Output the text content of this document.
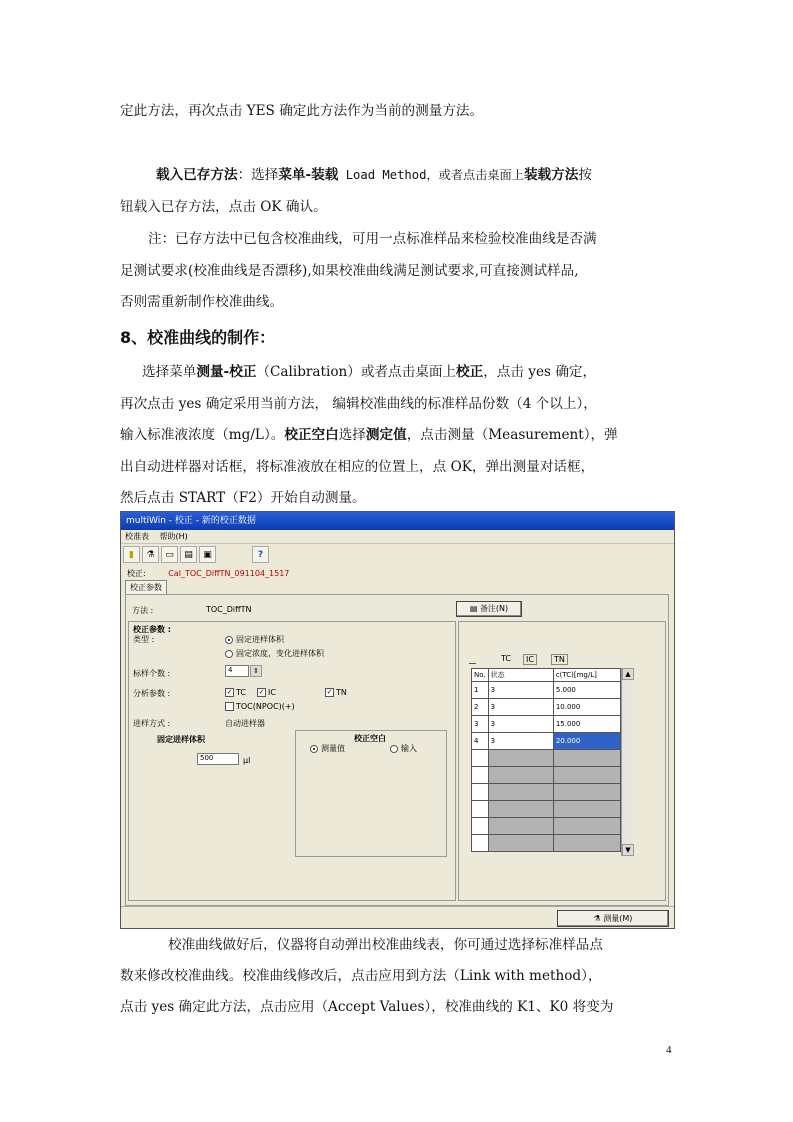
定此方法，再次点击 YES 确定此方法作为当前的测量方法。
载入已存方法：选择菜单-装载 Load Method，或者点击桌面上装载方法按
钮载入已存方法，点击 OK 确认。
注：已存方法中已包含校准曲线，可用一点标准样品来检验校准曲线是否满
足测试要求(校准曲线是否漂移),如果校准曲线满足测试要求,可直接测试样品,
否则需重新制作校准曲线。
8、校准曲线的制作：
选择菜单测量-校正（Calibration）或者点击桌面上校正，点击 yes 确定，
再次点击 yes 确定采用当前方法， 编辑校准曲线的标准样品份数（4 个以上），
输入标准液浓度（mg/L）。校正空白选择测定值，点击测量（Measurement），弹
出自动进样器对话框，将标准液放在相应的位置上，点 OK，弹出测量对话框，
然后点击 START（F2）开始自动测量。
multiWin - 校正 - 新的校正数据
校准表 帮助(H)
▮	⚗	▭	▤	▣	?
校正:	Cal_TOC_DiffTN_091104_1517
校正参数
方法 :	TOC_DiffTN	▤ 备注(N)
校正参数 :
类型 :	固定进样体积
固定浓度，变化进样体积
标样个数 :	4	⇕
分析参数 :	✓ TC ✓ IC	✓ TN
TOC(NPOC)(+)
进样方式 :	自动进样器
固定进样体积
500	µl
校正空白
测量值	输入

TC	IC	TN
No.	状态	c(TC)[mg/L]
1	3	5.000
2	3	10.000
3	3	15.000
4	3	20.000

▲
▼
⚗ 测量(M)
校准曲线做好后，仪器将自动弹出校准曲线表，你可通过选择标准样品点
数来修改校准曲线。校准曲线修改后，点击应用到方法（Link with method），
点击 yes 确定此方法，点击应用（Accept Values），校准曲线的 K1、K0 将变为
4
